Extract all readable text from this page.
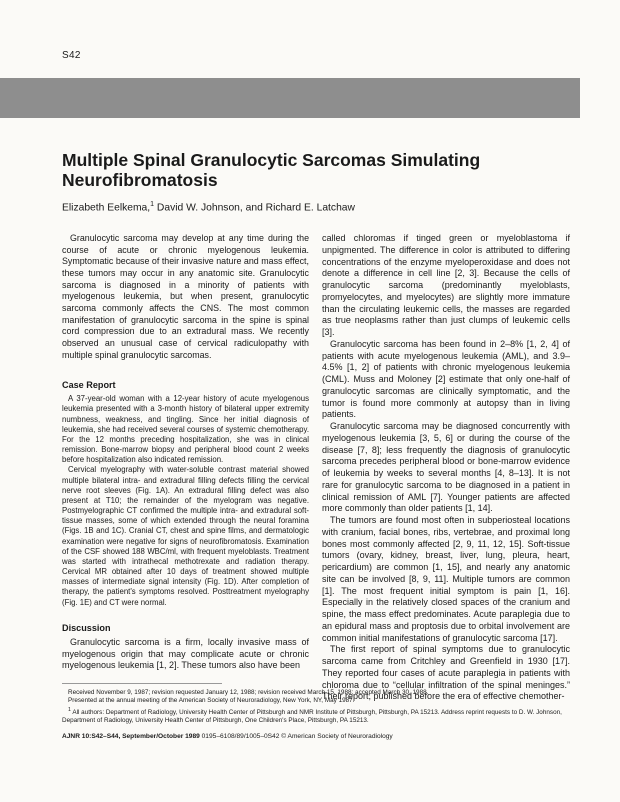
S42
Multiple Spinal Granulocytic Sarcomas Simulating Neurofibromatosis
Elizabeth Eelkema,$^1$ David W. Johnson, and Richard E. Latchaw

Granulocytic sarcoma may develop at any time during the course of acute or chronic myelogenous leukemia. Symptomatic because of their invasive nature and mass effect, these tumors may occur in any anatomic site. Granulocytic sarcoma is diagnosed in a minority of patients with myelogenous leukemia, but when present, granulocytic sarcoma commonly affects the CNS. The most common manifestation of granulocytic sarcoma in the spine is spinal cord compression due to an extradural mass. We recently observed an unusual case of cervical radiculopathy with multiple spinal granulocytic sarcomas.

Case Report

A 37-year-old woman with a 12-year history of acute myelogenous leukemia presented with a 3-month history of bilateral upper extremity numbness, weakness, and tingling. Since her initial diagnosis of leukemia, she had received several courses of systemic chemotherapy. For the 12 months preceding hospitalization, she was in clinical remission. Bone-marrow biopsy and peripheral blood count 2 weeks before hospitalization also indicated remission.

Cervical myelography with water-soluble contrast material showed multiple bilateral intra- and extradural filling defects filling the cervical nerve root sleeves (Fig. 1A). An extradural filling defect was also present at T10; the remainder of the myelogram was negative. Postmyelographic CT confirmed the multiple intra- and extradural soft-tissue masses, some of which extended through the neural foramina (Figs. 1B and 1C). Cranial CT, chest and spine films, and dermatologic examination were negative for signs of neurofibromatosis. Examination of the CSF showed 188 WBC/ml, with frequent myeloblasts. Treatment was started with intrathecal methotrexate and radiation therapy. Cervical MR obtained after 10 days of treatment showed multiple masses of intermediate signal intensity (Fig. 1D). After completion of therapy, the patient's symptoms resolved. Posttreatment myelography (Fig. 1E) and CT were normal.

Discussion

Granulocytic sarcoma is a firm, locally invasive mass of myelogenous origin that may complicate acute or chronic myelogenous leukemia [1, 2]. These tumors also have been

called chloromas if tinged green or myeloblastoma if unpigmented. The difference in color is attributed to differing concentrations of the enzyme myeloperoxidase and does not denote a difference in cell line [2, 3]. Because the cells of granulocytic sarcoma (predominantly myeloblasts, promyelocytes, and myelocytes) are slightly more immature than the circulating leukemic cells, the masses are regarded as true neoplasms rather than just clumps of leukemic cells [3].

Granulocytic sarcoma has been found in 2–8% [1, 2, 4] of patients with acute myelogenous leukemia (AML), and 3.9–4.5% [1, 2] of patients with chronic myelogenous leukemia (CML). Muss and Moloney [2] estimate that only one-half of granulocytic sarcomas are clinically symptomatic, and the tumor is found more commonly at autopsy than in living patients.

Granulocytic sarcoma may be diagnosed concurrently with myelogenous leukemia [3, 5, 6] or during the course of the disease [7, 8]; less frequently the diagnosis of granulocytic sarcoma precedes peripheral blood or bone-marrow evidence of leukemia by weeks to several months [4, 8–13]. It is not rare for granulocytic sarcoma to be diagnosed in a patient in clinical remission of AML [7]. Younger patients are affected more commonly than older patients [1, 14].

The tumors are found most often in subperiosteal locations with cranium, facial bones, ribs, vertebrae, and proximal long bones most commonly affected [2, 9, 11, 12, 15]. Soft-tissue tumors (ovary, kidney, breast, liver, lung, pleura, heart, pericardium) are common [1, 15], and nearly any anatomic site can be involved [8, 9, 11]. Multiple tumors are common [1]. The most frequent initial symptom is pain [1, 16]. Especially in the relatively closed spaces of the cranium and spine, the mass effect predominates. Acute paraplegia due to an epidural mass and proptosis due to orbital involvement are common initial manifestations of granulocytic sarcoma [17].

The first report of spinal symptoms due to granulocytic sarcoma came from Critchley and Greenfield in 1930 [17]. They reported four cases of acute paraplegia in patients with chloroma due to “cellular infiltration of the spinal meninges.” Their report, published before the era of effective chemother-

Received November 9, 1987; revision requested January 12, 1988; revision received March 15, 1988; accepted March 30, 1988.

Presented at the annual meeting of the American Society of Neuroradiology, New York, NY, May 1987.

$^1$ All authors: Department of Radiology, University Health Center of Pittsburgh and NMR Institute of Pittsburgh, Pittsburgh, PA 15213. Address reprint requests to D. W. Johnson, Department of Radiology, University Health Center of Pittsburgh, One Children's Place, Pittsburgh, PA 15213.

AJNR 10:S42–S44, September/October 1989 0195–6108/89/1005–0S42 © American Society of Neuroradiology
